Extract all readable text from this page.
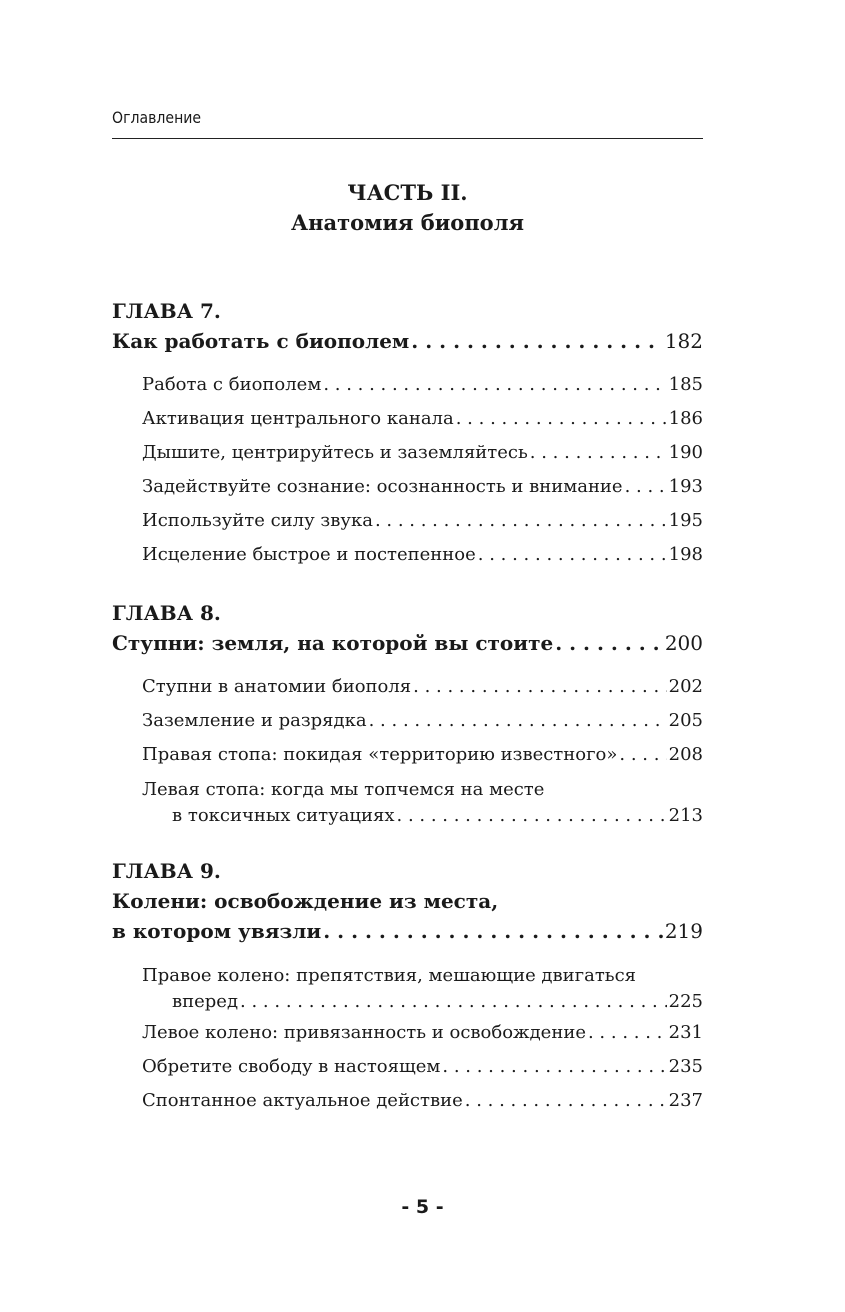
Оглавление
ЧАСТЬ II.
Анатомия биополя
ГЛАВА 7.
Как работать с биополем . . .	182
Работа с биополем . . .	185
Активация центрального канала . . .	186
Дышите, центрируйтесь и заземляйтесь . . .	190
Задействуйте сознание: осознанность и внимание . . .	193
Используйте силу звука . . .	195
Исцеление быстрое и постепенное . . .	198
ГЛАВА 8.
Ступни: земля, на которой вы стоите . . .	200
Ступни в анатомии биополя . . .	202
Заземление и разрядка . . .	205
Правая стопа: покидая «территорию известного» . . .	208
Левая стопа: когда мы топчемся на месте
в токсичных ситуациях . . .	213
ГЛАВА 9.
Колени: освобождение из места,
в котором увязли . . .	219
Правое колено: препятствия, мешающие двигаться
вперед . . .	225
Левое колено: привязанность и освобождение . . .	231
Обретите свободу в настоящем . . .	235
Спонтанное актуальное действие . . .	237
- 5 -
